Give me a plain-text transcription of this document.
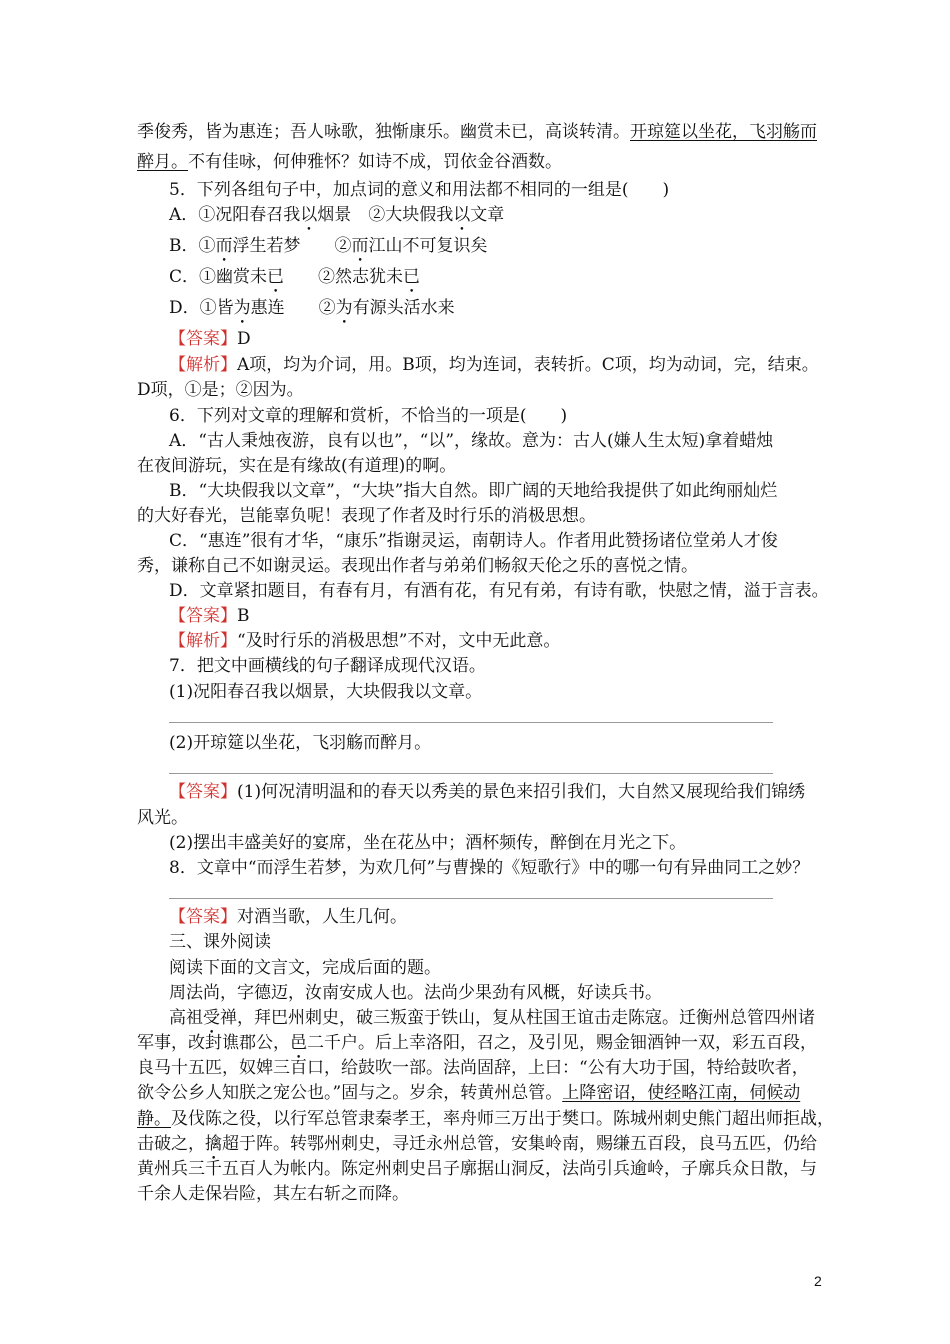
季俊秀，皆为惠连；吾人咏歌，独惭康乐。幽赏未已，高谈转清。开琼筵以坐花，飞羽觞而
醉月。不有佳咏，何伸雅怀？如诗不成，罚依金谷酒数。
5．下列各组句子中，加点词的意义和用法都不相同的一组是(　　)
A．①况阳春召我以烟景　②大块假我以文章
B．①而浮生若梦　　②而江山不可复识矣
C．①幽赏未已　　②然志犹未已
D．①皆为惠连　　②为有源头活水来
【答案】D
【解析】A项，均为介词，用。B项，均为连词，表转折。C项，均为动词，完，结束。
D项，①是；②因为。
6．下列对文章的理解和赏析，不恰当的一项是(　　)
A．“古人秉烛夜游，良有以也”，“以”，缘故。意为：古人(嫌人生太短)拿着蜡烛
在夜间游玩，实在是有缘故(有道理)的啊。
B．“大块假我以文章”，“大块”指大自然。即广阔的天地给我提供了如此绚丽灿烂
的大好春光，岂能辜负呢！表现了作者及时行乐的消极思想。
C．“惠连”很有才华，“康乐”指谢灵运，南朝诗人。作者用此赞扬诸位堂弟人才俊
秀，谦称自己不如谢灵运。表现出作者与弟弟们畅叙天伦之乐的喜悦之情。
D．文章紧扣题目，有春有月，有酒有花，有兄有弟，有诗有歌，快慰之情，溢于言表。
【答案】B
【解析】“及时行乐的消极思想”不对，文中无此意。
7．把文中画横线的句子翻译成现代汉语。
(1)况阳春召我以烟景，大块假我以文章。
(2)开琼筵以坐花，飞羽觞而醉月。
【答案】(1)何况清明温和的春天以秀美的景色来招引我们，大自然又展现给我们锦绣
风光。
(2)摆出丰盛美好的宴席，坐在花丛中；酒杯频传，醉倒在月光之下。
8．文章中“而浮生若梦，为欢几何”与曹操的《短歌行》中的哪一句有异曲同工之妙？
【答案】对酒当歌，人生几何。
三、课外阅读
阅读下面的文言文，完成后面的题。
周法尚，字德迈，汝南安成人也。法尚少果劲有风概，好读兵书。
高祖受禅，拜巴州刺史，破三叛蛮于铁山，复从柱国王谊击走陈寇。迁衡州总管四州诸
军事，改封谯郡公，邑二千户。后上幸洛阳，召之，及引见，赐金钿酒钟一双，彩五百段，
良马十五匹，奴婢三百口，给鼓吹一部。法尚固辞，上曰：“公有大功于国，特给鼓吹者，
欲令公乡人知朕之宠公也。”固与之。岁余，转黄州总管。上降密诏，使经略江南，伺候动
静。及伐陈之役，以行军总管隶秦孝王，率舟师三万出于樊口。陈城州刺史熊门超出师拒战，
击破之，擒超于阵。转鄂州刺史，寻迁永州总管，安集岭南，赐缣五百段，良马五匹，仍给
黄州兵三千五百人为帐内。陈定州刺史吕子廓据山洞反，法尚引兵逾岭，子廓兵众日散，与
千余人走保岩险，其左右斩之而降。
2
